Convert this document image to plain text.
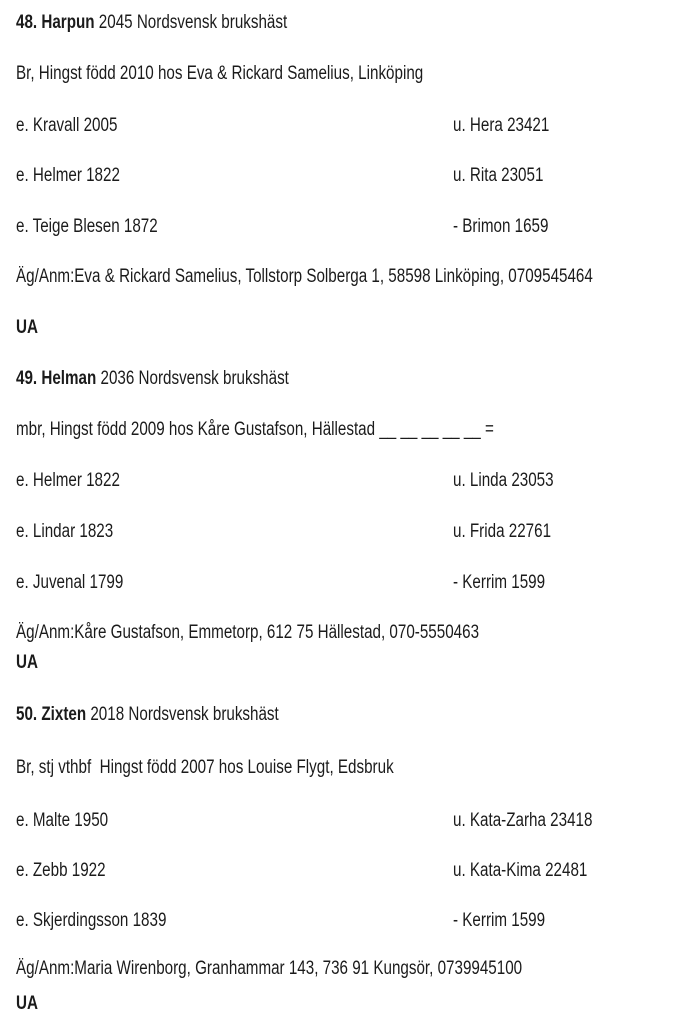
48. Harpun 2045 Nordsvensk brukshäst
Br, Hingst född 2010 hos Eva & Rickard Samelius, Linköping
e. Kravall 2005	u. Hera 23421
e. Helmer 1822	u. Rita 23051
e. Teige Blesen 1872	- Brimon 1659
Äg/Anm:Eva & Rickard Samelius, Tollstorp Solberga 1, 58598 Linköping, 0709545464
UA
49. Helman 2036 Nordsvensk brukshäst
mbr, Hingst född 2009 hos Kåre Gustafson, Hällestad __ __ __ __ __ =
e. Helmer 1822	u. Linda 23053
e. Lindar 1823	u. Frida 22761
e. Juvenal 1799	- Kerrim 1599
Äg/Anm:Kåre Gustafson, Emmetorp, 612 75 Hällestad, 070-5550463
UA
50. Zixten 2018 Nordsvensk brukshäst
Br, stj vthbf  Hingst född 2007 hos Louise Flygt, Edsbruk
e. Malte 1950	u. Kata-Zarha 23418
e. Zebb 1922	u. Kata-Kima 22481
e. Skjerdingsson 1839	- Kerrim 1599
Äg/Anm:Maria Wirenborg, Granhammar 143, 736 91 Kungsör, 0739945100
UA
